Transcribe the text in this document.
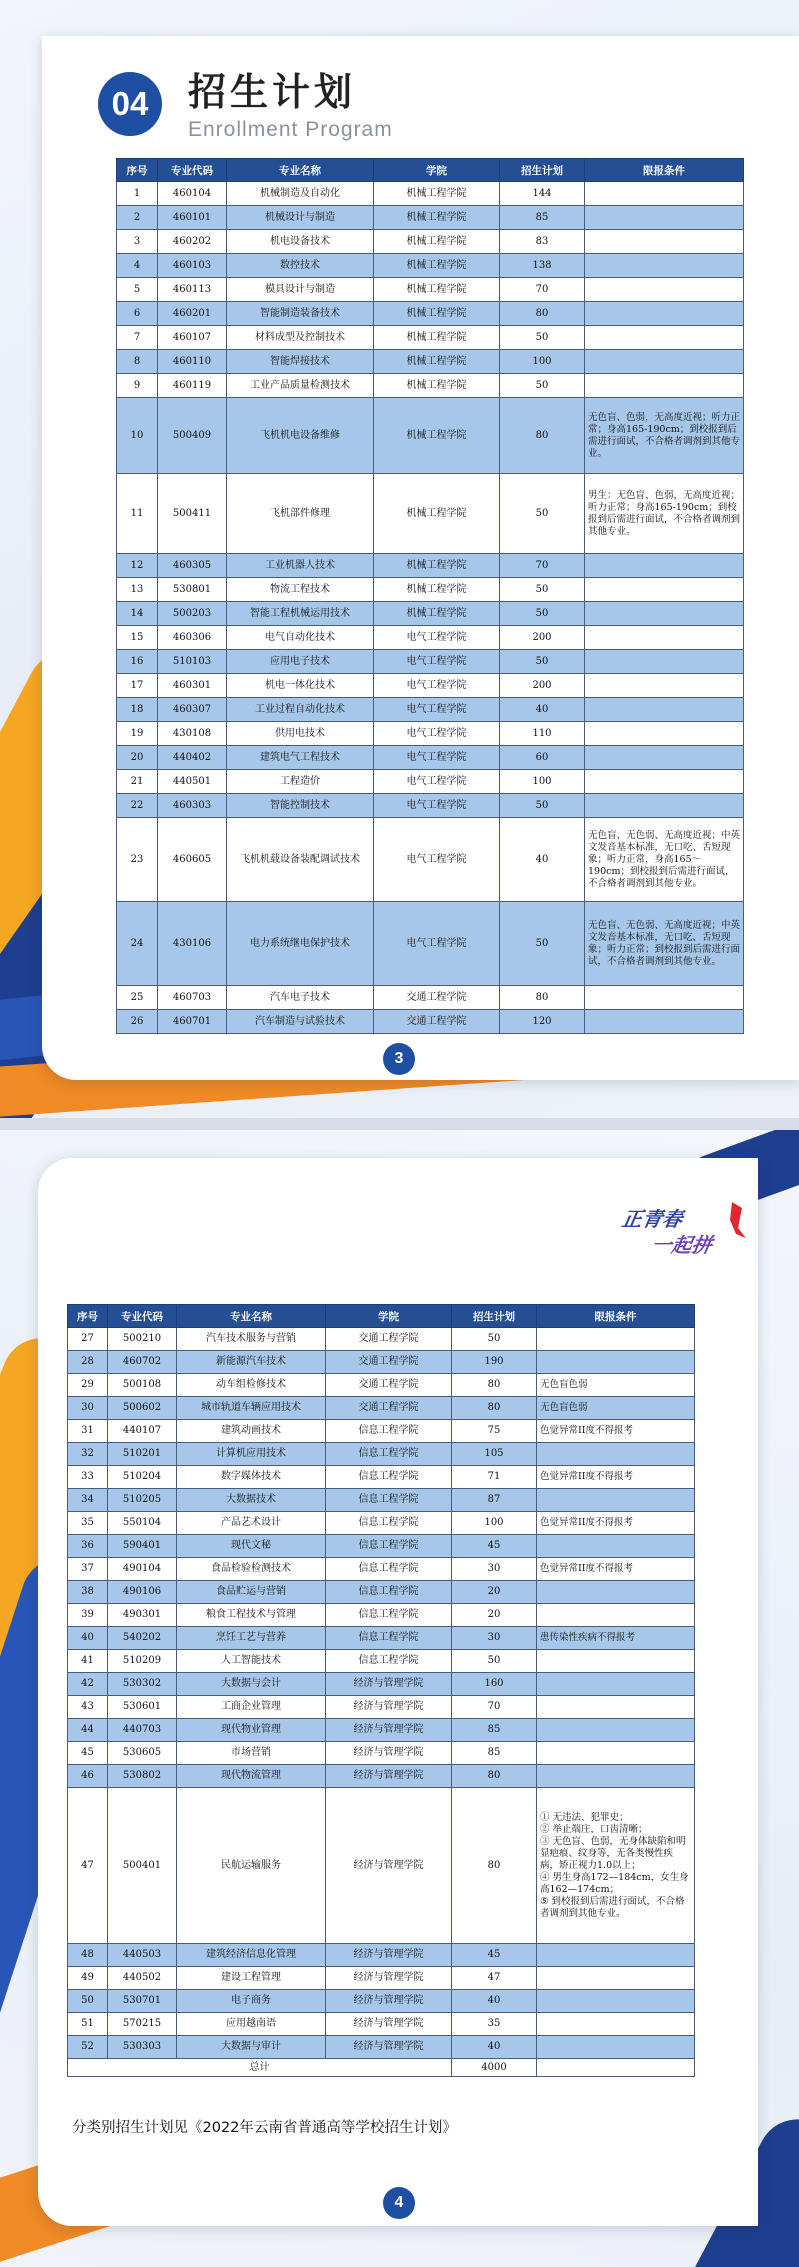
04	招生计划
Enrollment Program
序号	专业代码	专业名称	学院	招生计划	限报条件
1	460104	机械制造及自动化	机械工程学院	144	

2	460101	机械设计与制造	机械工程学院	85	

3	460202	机电设备技术	机械工程学院	83	

4	460103	数控技术	机械工程学院	138	

5	460113	模具设计与制造	机械工程学院	70	

6	460201	智能制造装备技术	机械工程学院	80	

7	460107	材料成型及控制技术	机械工程学院	50	

8	460110	智能焊接技术	机械工程学院	100	

9	460119	工业产品质量检测技术	机械工程学院	50	

10	500409	飞机机电设备维修	机械工程学院	80	无色盲、色弱，无高度近视；听力正常；身高165-190cm；到校报到后需进行面试，不合格者调剂到其他专业。

11	500411	飞机部件修理	机械工程学院	50	男生：无色盲、色弱，无高度近视；听力正常；身高165-190cm；到校报到后需进行面试，不合格者调剂到其他专业。

12	460305	工业机器人技术	机械工程学院	70	

13	530801	物流工程技术	机械工程学院	50	

14	500203	智能工程机械运用技术	机械工程学院	50	

15	460306	电气自动化技术	电气工程学院	200	

16	510103	应用电子技术	电气工程学院	50	

17	460301	机电一体化技术	电气工程学院	200	

18	460307	工业过程自动化技术	电气工程学院	40	

19	430108	供用电技术	电气工程学院	110	

20	440402	建筑电气工程技术	电气工程学院	60	

21	440501	工程造价	电气工程学院	100	

22	460303	智能控制技术	电气工程学院	50	

23	460605	飞机机载设备装配调试技术	电气工程学院	40	无色盲、无色弱、无高度近视；中英文发音基本标准，无口吃、舌短现象；听力正常，身高165～190cm；到校报到后需进行面试，不合格者调剂到其他专业。

24	430106	电力系统继电保护技术	电气工程学院	50	无色盲、无色弱、无高度近视；中英文发音基本标准，无口吃、舌短现象；听力正常；到校报到后需进行面试，不合格者调剂到其他专业。

25	460703	汽车电子技术	交通工程学院	80	

26	460701	汽车制造与试验技术	交通工程学院	120	
3
正青春
一起拼
序号	专业代码	专业名称	学院	招生计划	限报条件
27	500210	汽车技术服务与营销	交通工程学院	50	

28	460702	新能源汽车技术	交通工程学院	190	

29	500108	动车组检修技术	交通工程学院	80	无色盲色弱

30	500602	城市轨道车辆应用技术	交通工程学院	80	无色盲色弱

31	440107	建筑动画技术	信息工程学院	75	色觉异常II度不得报考

32	510201	计算机应用技术	信息工程学院	105	

33	510204	数字媒体技术	信息工程学院	71	色觉异常II度不得报考

34	510205	大数据技术	信息工程学院	87	

35	550104	产品艺术设计	信息工程学院	100	色觉异常II度不得报考

36	590401	现代文秘	信息工程学院	45	

37	490104	食品检验检测技术	信息工程学院	30	色觉异常II度不得报考

38	490106	食品贮运与营销	信息工程学院	20	

39	490301	粮食工程技术与管理	信息工程学院	20	

40	540202	烹饪工艺与营养	信息工程学院	30	患传染性疾病不得报考

41	510209	人工智能技术	信息工程学院	50	

42	530302	大数据与会计	经济与管理学院	160	

43	530601	工商企业管理	经济与管理学院	70	

44	440703	现代物业管理	经济与管理学院	85	

45	530605	市场营销	经济与管理学院	85	

46	530802	现代物流管理	经济与管理学院	80	

47	500401	民航运输服务	经济与管理学院	80	① 无违法、犯罪史；
② 举止端庄，口齿清晰；
③ 无色盲、色弱，无身体缺陷和明显疤痕、纹身等，无各类慢性疾病，矫正视力1.0以上；
④ 男生身高172—184cm，女生身高162—174cm；
⑤ 到校报到后需进行面试，不合格者调剂到其他专业。

48	440503	建筑经济信息化管理	经济与管理学院	45	

49	440502	建设工程管理	经济与管理学院	47	

50	530701	电子商务	经济与管理学院	40	

51	570215	应用越南语	经济与管理学院	35	

52	530303	大数据与审计	经济与管理学院	40	

总计				4000	
分类别招生计划见《2022年云南省普通高等学校招生计划》
4
